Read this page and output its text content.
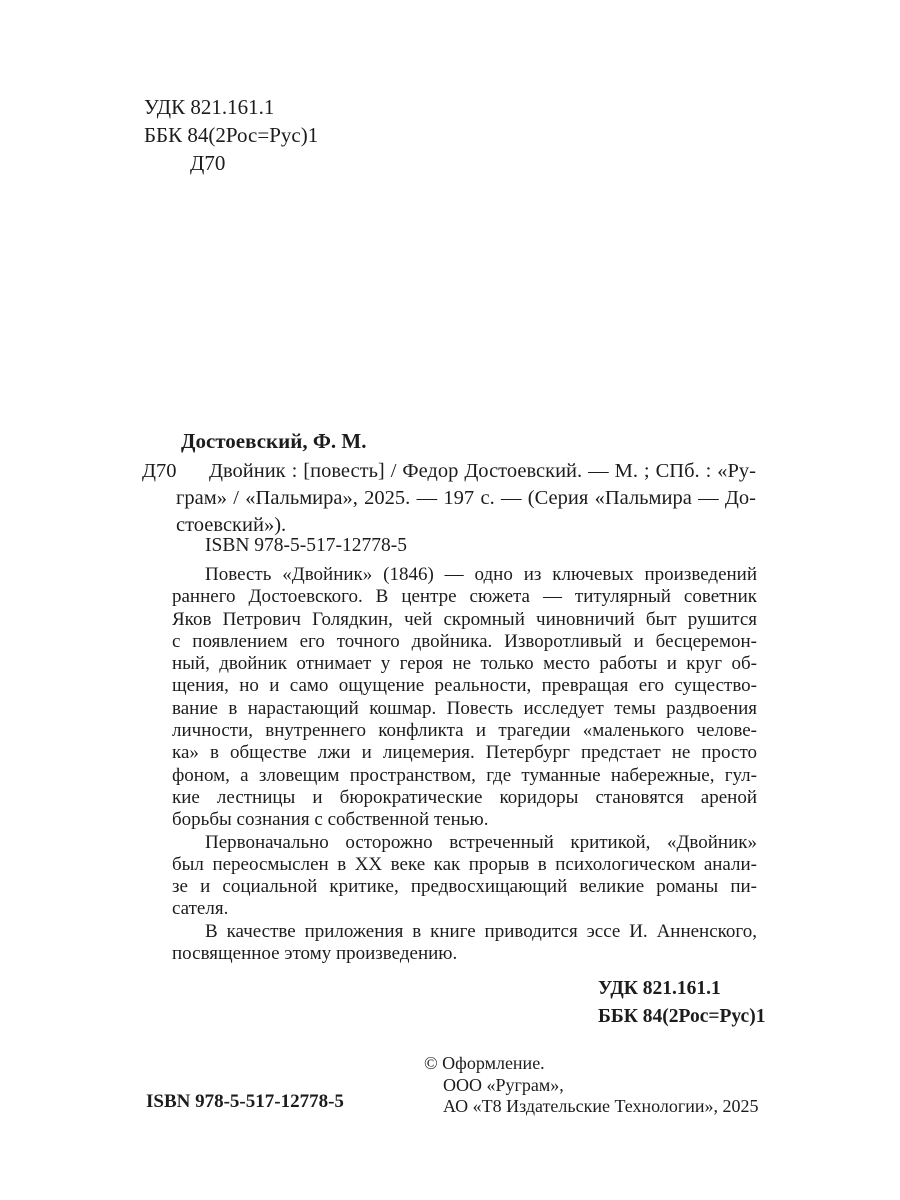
УДК 821.161.1
ББК 84(2Рос=Рус)1
Д70
Достоевский, Ф. М.
Д70	Двойник : [повесть] / Федор Достоевский. — М. ; СПб. : «Ру-
грам» / «Пальмира», 2025. — 197 с. — (Серия «Пальмира — До-
стоевский»).
ISBN 978-5-517-12778-5
Повесть «Двойник» (1846) — одно из ключевых произведений
раннего Достоевского. В центре сюжета — титулярный советник
Яков Петрович Голядкин, чей скромный чиновничий быт рушится
с появлением его точного двойника. Изворотливый и бесцеремон-
ный, двойник отнимает у героя не только место работы и круг об-
щения, но и само ощущение реальности, превращая его существо-
вание в нарастающий кошмар. Повесть исследует темы раздвоения
личности, внутреннего конфликта и трагедии «маленького челове-
ка» в обществе лжи и лицемерия. Петербург предстает не просто
фоном, а зловещим пространством, где туманные набережные, гул-
кие лестницы и бюрократические коридоры становятся ареной
борьбы сознания с собственной тенью.
Первоначально осторожно встреченный критикой, «Двойник»
был переосмыслен в XX веке как прорыв в психологическом анали-
зе и социальной критике, предвосхищающий великие романы пи-
сателя.
В качестве приложения в книге приводится эссе И. Анненского,
посвященное этому произведению.
УДК 821.161.1
ББК 84(2Рос=Рус)1
© Оформление.
ООО «Руграм»,
АО «Т8 Издательские Технологии», 2025
ISBN 978-5-517-12778-5
